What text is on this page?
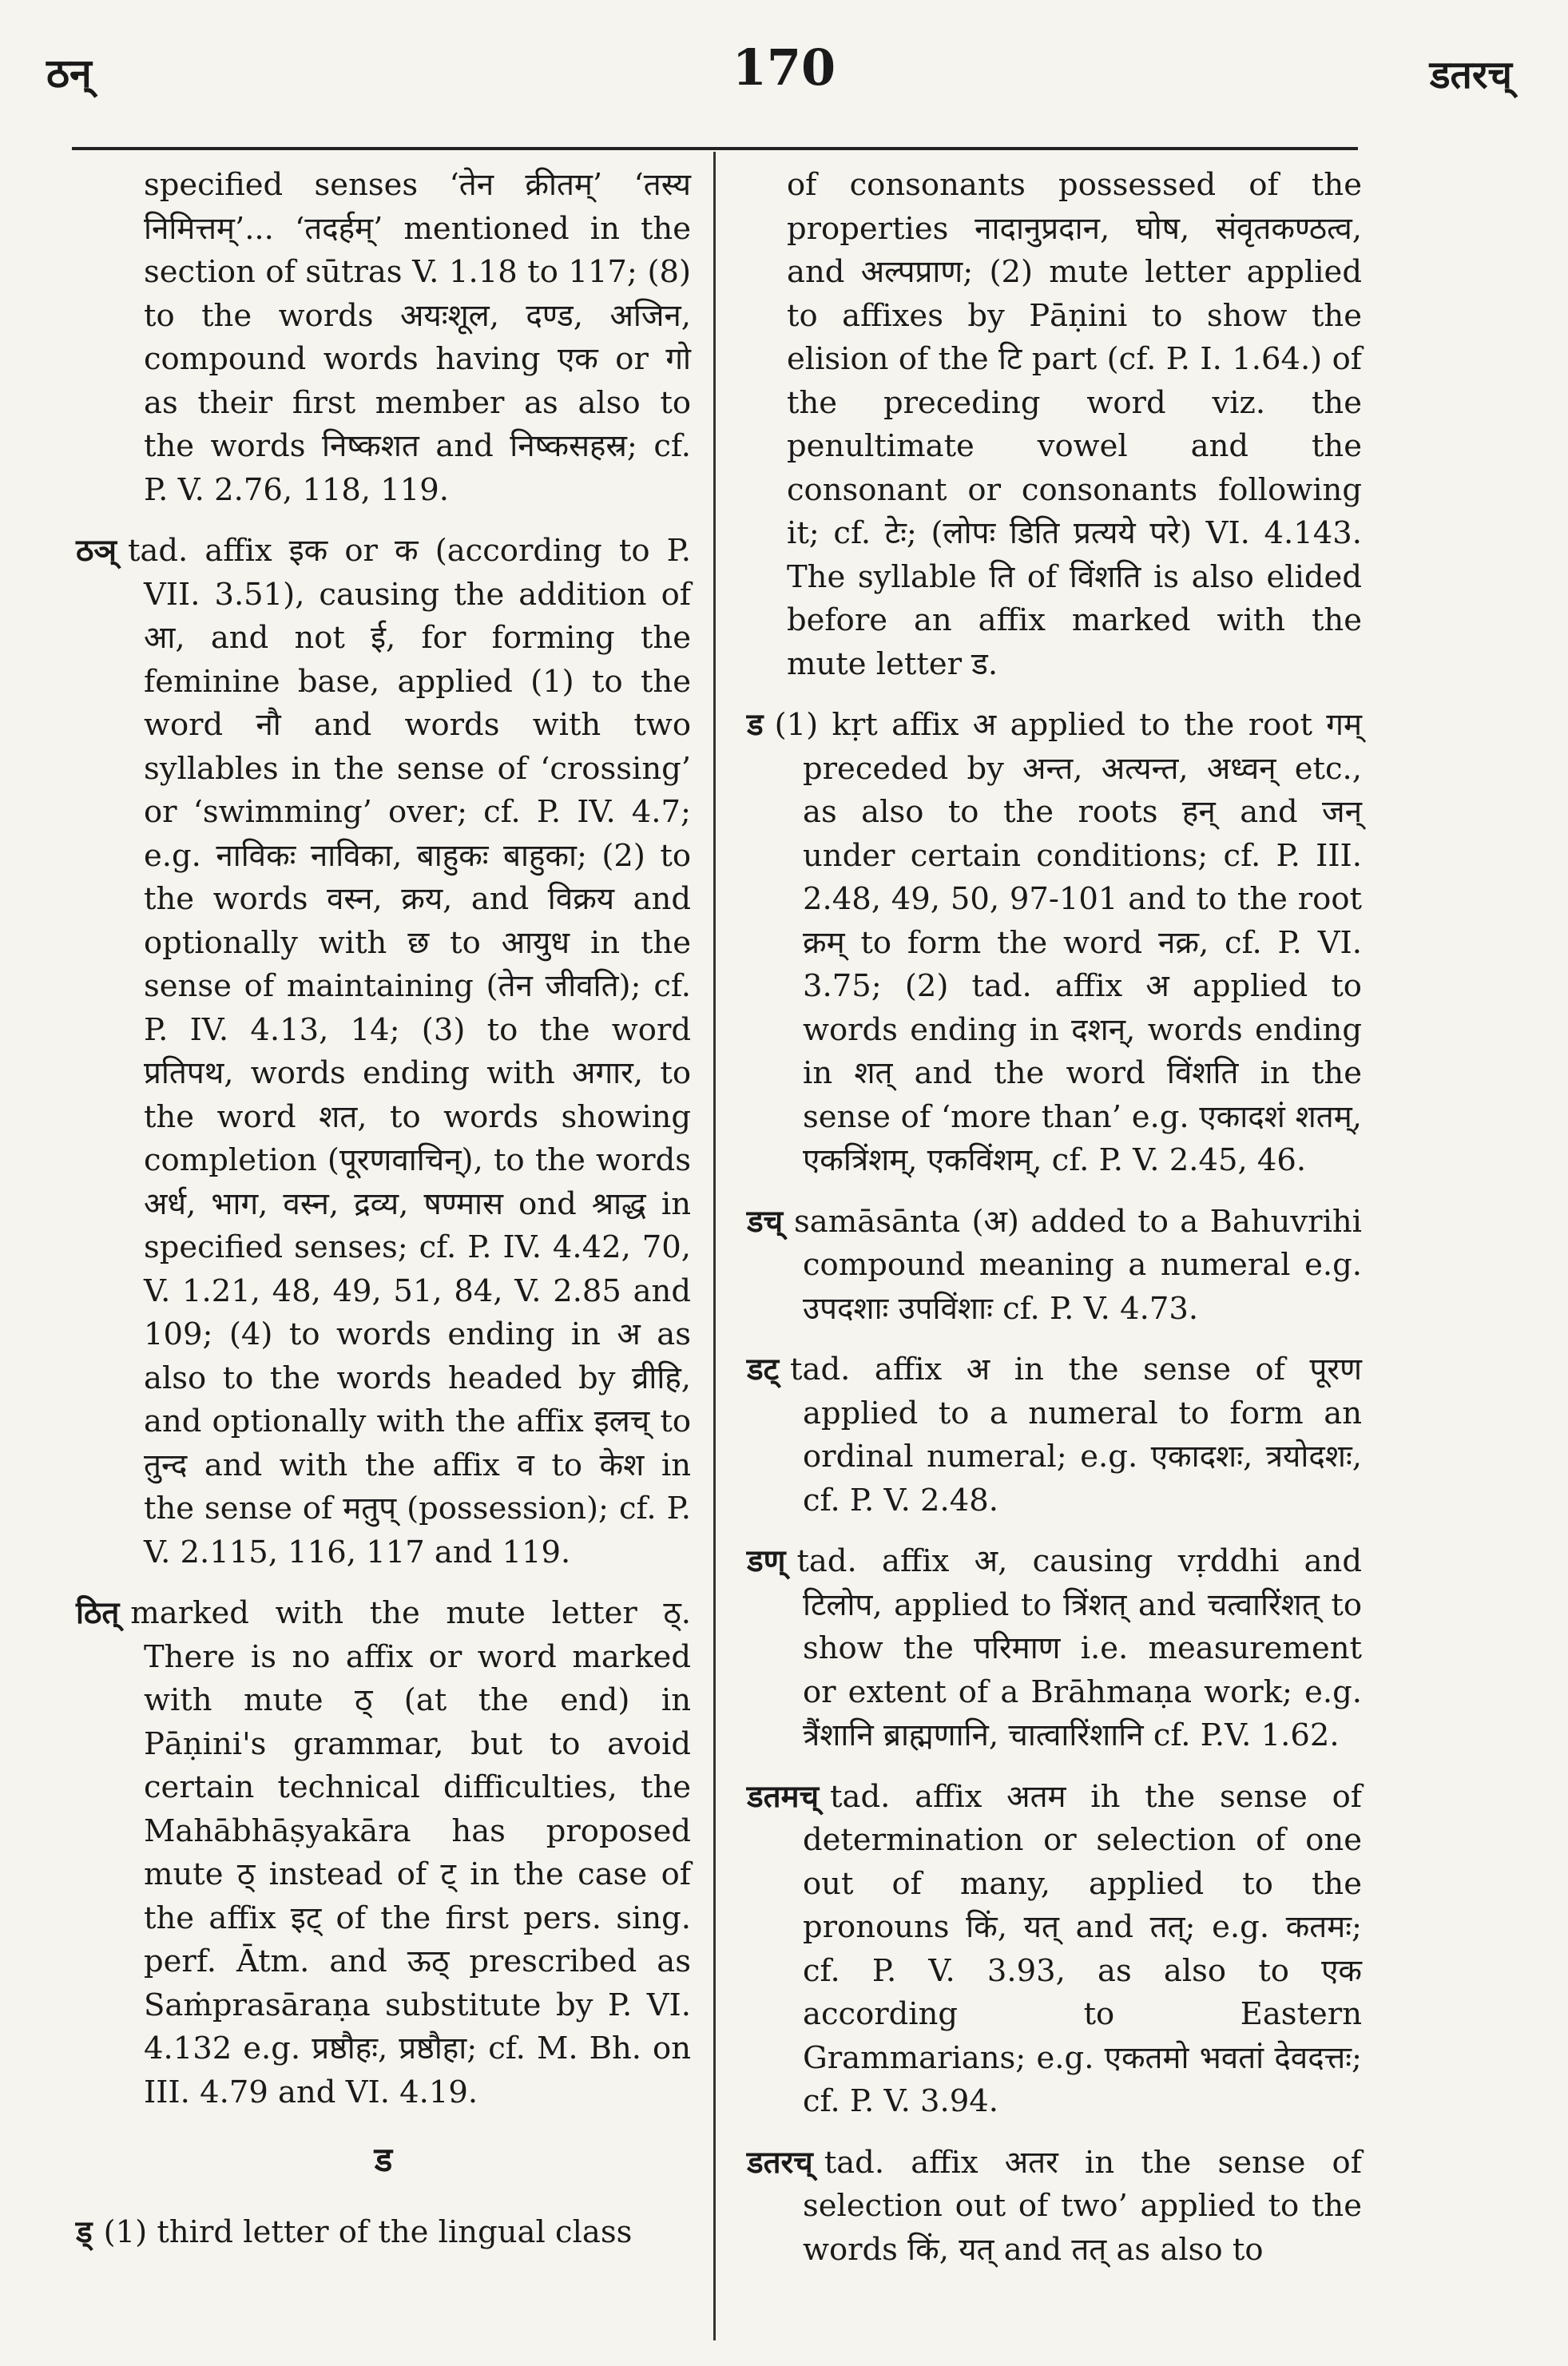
ठन्	170	डतरच्

specified senses ‘तेन क्रीतम्’ ‘तस्य निमित्तम्’... ‘तदर्हम्’ mentioned in the section of sūtras V. 1.18 to 117; (8) to the words अयःशूल, दण्ड, अजिन, compound words having एक or गो as their first member as also to the words निष्कशत and निष्कसहस्र; cf. P. V. 2.76, 118, 119.

ठञ् tad. affix इक or क (according to P. VII. 3.51), causing the addition of आ, and not ई, for forming the feminine base, applied (1) to the word नौ and words with two syllables in the sense of ‘crossing’ or ‘swimming’ over; cf. P. IV. 4.7; e.g. नाविकः नाविका, बाहुकः बाहुका; (2) to the words वस्न, क्रय, and विक्रय and optionally with छ to आयुध in the sense of maintaining (तेन जीवति); cf. P. IV. 4.13, 14; (3) to the word प्रतिपथ, words ending with अगार, to the word शत, to words showing completion (पूरणवाचिन्), to the words अर्ध, भाग, वस्न, द्रव्य, षण्मास ond श्राद्ध in specified senses; cf. P. IV. 4.42, 70, V. 1.21, 48, 49, 51, 84, V. 2.85 and 109; (4) to words ending in अ as also to the words headed by व्रीहि, and optionally with the affix इलच् to तुन्द and with the affix व to केश in the sense of मतुप् (possession); cf. P. V. 2.115, 116, 117 and 119.

ठित् marked with the mute letter ठ्. There is no affix or word marked with mute ठ् (at the end) in Pāṇini's grammar, but to avoid certain technical difficulties, the Mahābhāṣyakāra has proposed mute ठ् instead of ट् in the case of the affix इट् of the first pers. sing. perf. Ātm. and ऊठ् prescribed as Saṁprasāraṇa substitute by P. VI. 4.132 e.g. प्रष्ठौहः, प्रष्ठौहा; cf. M. Bh. on III. 4.79 and VI. 4.19.

ड

ड् (1) third letter of the lingual class

of consonants possessed of the properties नादानुप्रदान, घोष, संवृतकण्ठत्व, and अल्पप्राण; (2) mute letter applied to affixes by Pāṇini to show the elision of the टि part (cf. P. I. 1.64.) of the preceding word viz. the penultimate vowel and the consonant or consonants following it; cf. टेः; (लोपः डिति प्रत्यये परे) VI. 4.143. The syllable ति of विंशति is also elided before an affix marked with the mute letter ड.

ड (1) kṛt affix अ applied to the root गम् preceded by अन्त, अत्यन्त, अध्वन् etc., as also to the roots हन् and जन् under certain conditions; cf. P. III. 2.48, 49, 50, 97-101 and to the root क्रम् to form the word नक्र, cf. P. VI. 3.75; (2) tad. affix अ applied to words ending in दशन्, words ending in शत् and the word विंशति in the sense of ‘more than’ e.g. एकादशं शतम्, एकत्रिंशम्, एकविंशम्, cf. P. V. 2.45, 46.

डच् samāsānta (अ) added to a Bahuvrihi compound meaning a numeral e.g. उपदशाः उपविंशाः cf. P. V. 4.73.

डट् tad. affix अ in the sense of पूरण applied to a numeral to form an ordinal numeral; e.g. एकादशः, त्रयोदशः, cf. P. V. 2.48.

डण् tad. affix अ, causing vṛddhi and टिलोप, applied to त्रिंशत् and चत्वारिंशत् to show the परिमाण i.e. measurement or extent of a Brāhmaṇa work; e.g. त्रैंशानि ब्राह्मणानि, चात्वारिंशानि cf. P.V. 1.62.

डतमच् tad. affix अतम ih the sense of determination or selection of one out of many, applied to the pronouns किं, यत् and तत्; e.g. कतमः; cf. P. V. 3.93, as also to एक according to Eastern Grammarians; e.g. एकतमो भवतां देवदत्तः; cf. P. V. 3.94.

डतरच् tad. affix अतर in the sense of selection out of two’ applied to the words किं, यत् and तत् as also to
